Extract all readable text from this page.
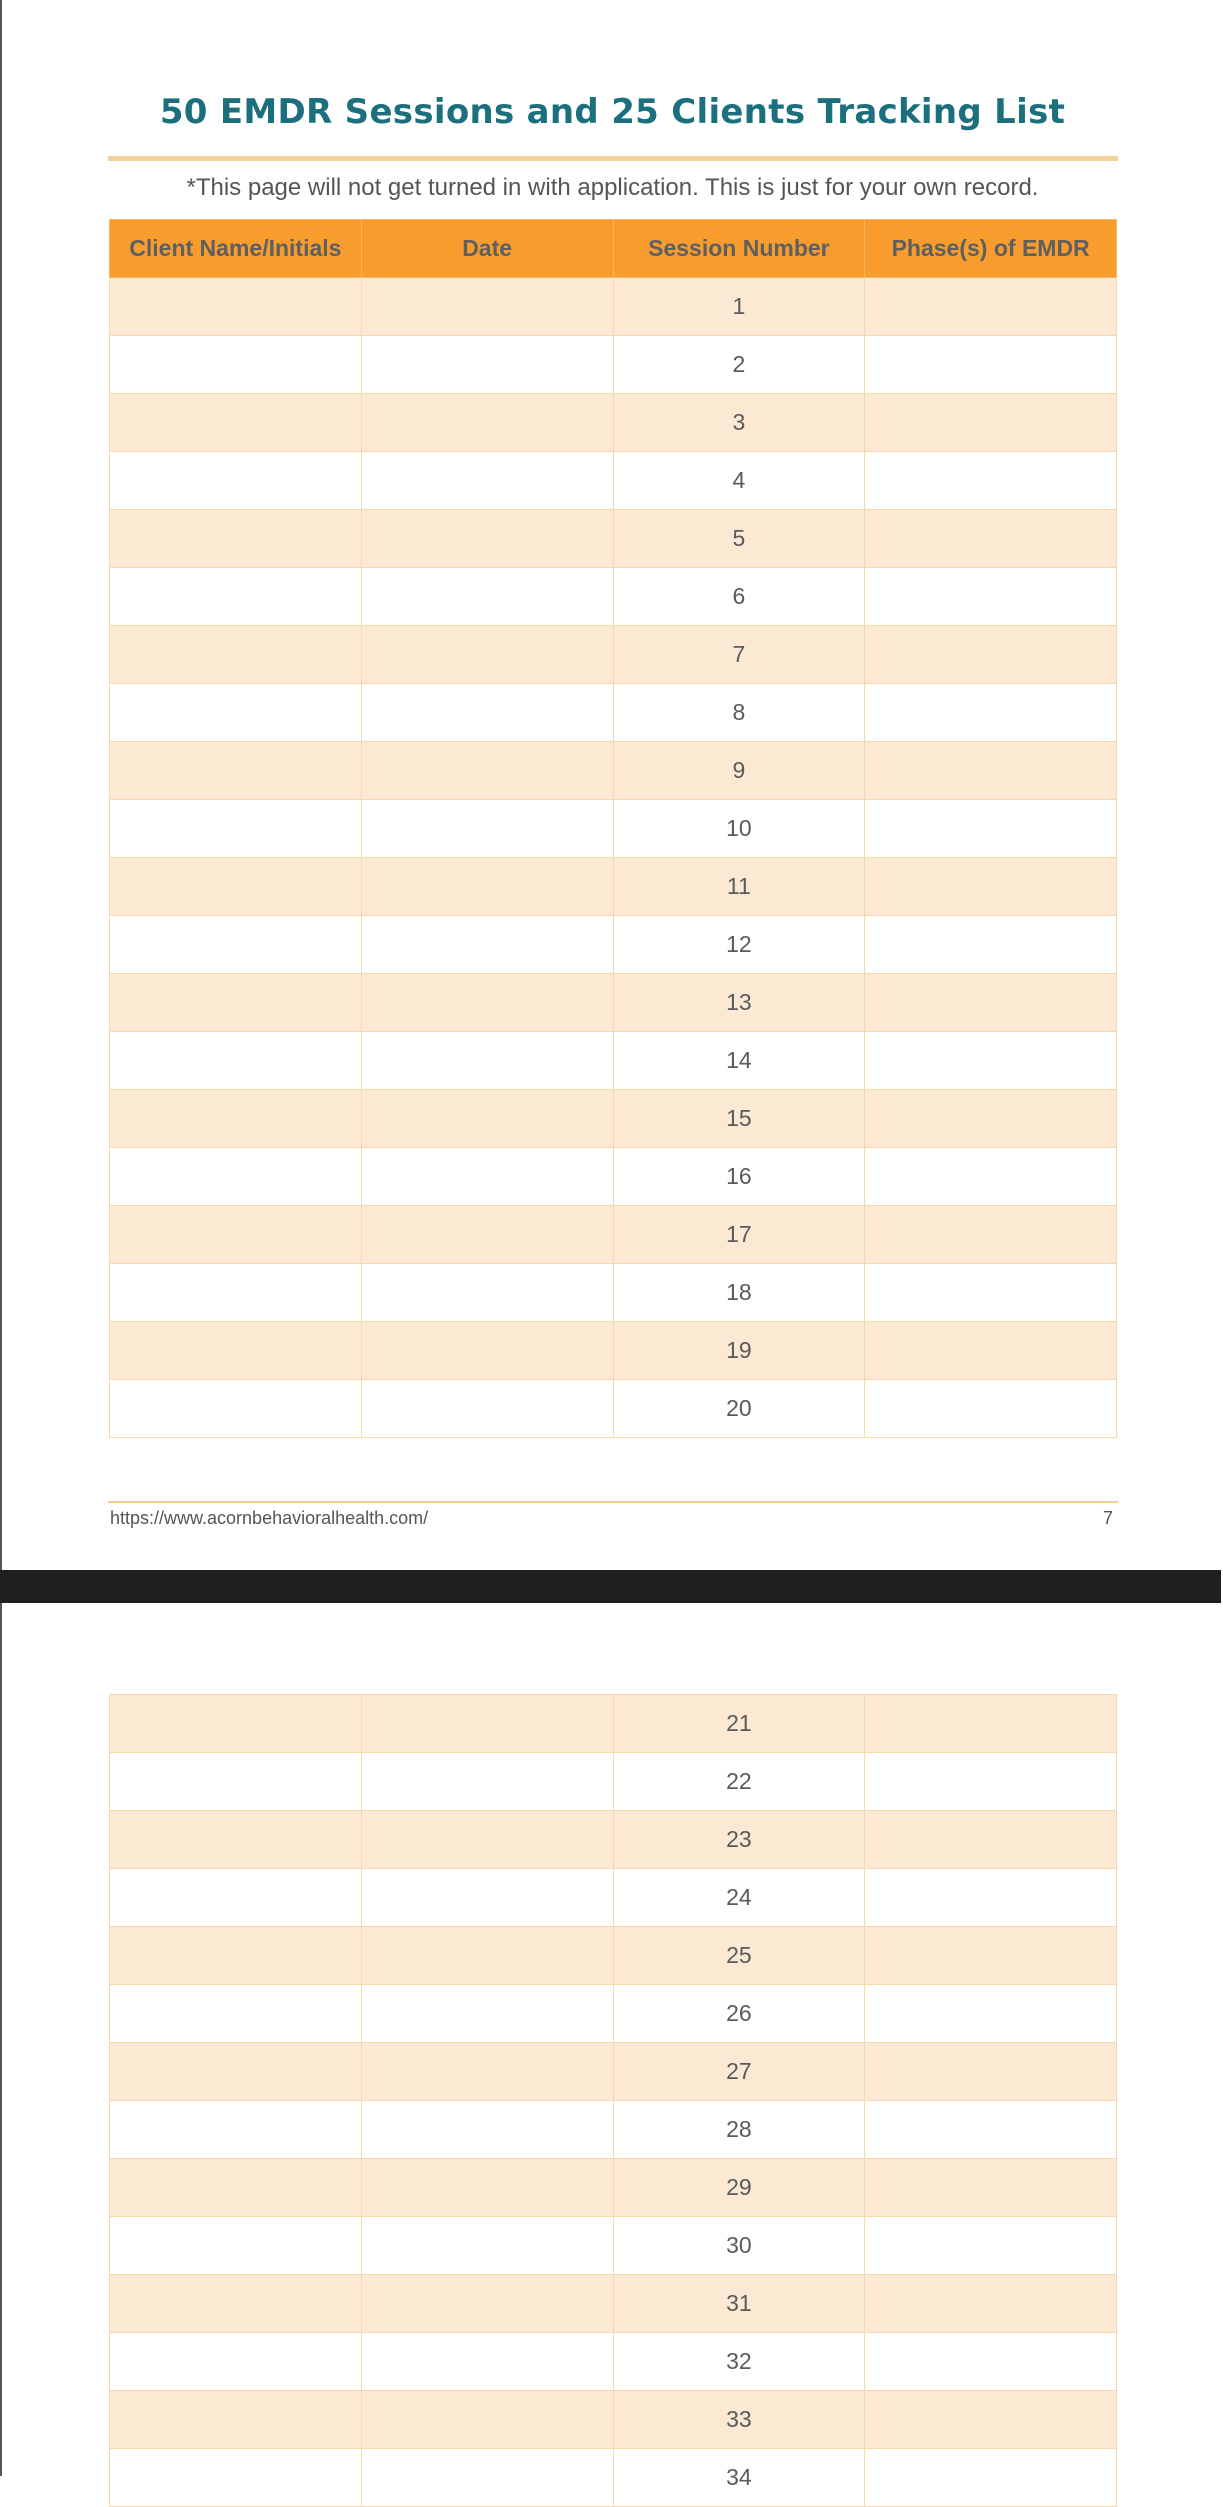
50 EMDR Sessions and 25 Clients Tracking List

*This page will not get turned in with application. This is just for your own record.

Client Name/Initials	Date	Session Number	Phase(s) of EMDR
		1	
		2	
		3	
		4	
		5	
		6	
		7	
		8	
		9	
		10	
		11	
		12	
		13	
		14	
		15	
		16	
		17	
		18	
		19	
		20	
https://www.acornbehavioralhealth.com/	7
		21	
		22	
		23	
		24	
		25	
		26	
		27	
		28	
		29	
		30	
		31	
		32	
		33	
		34	
